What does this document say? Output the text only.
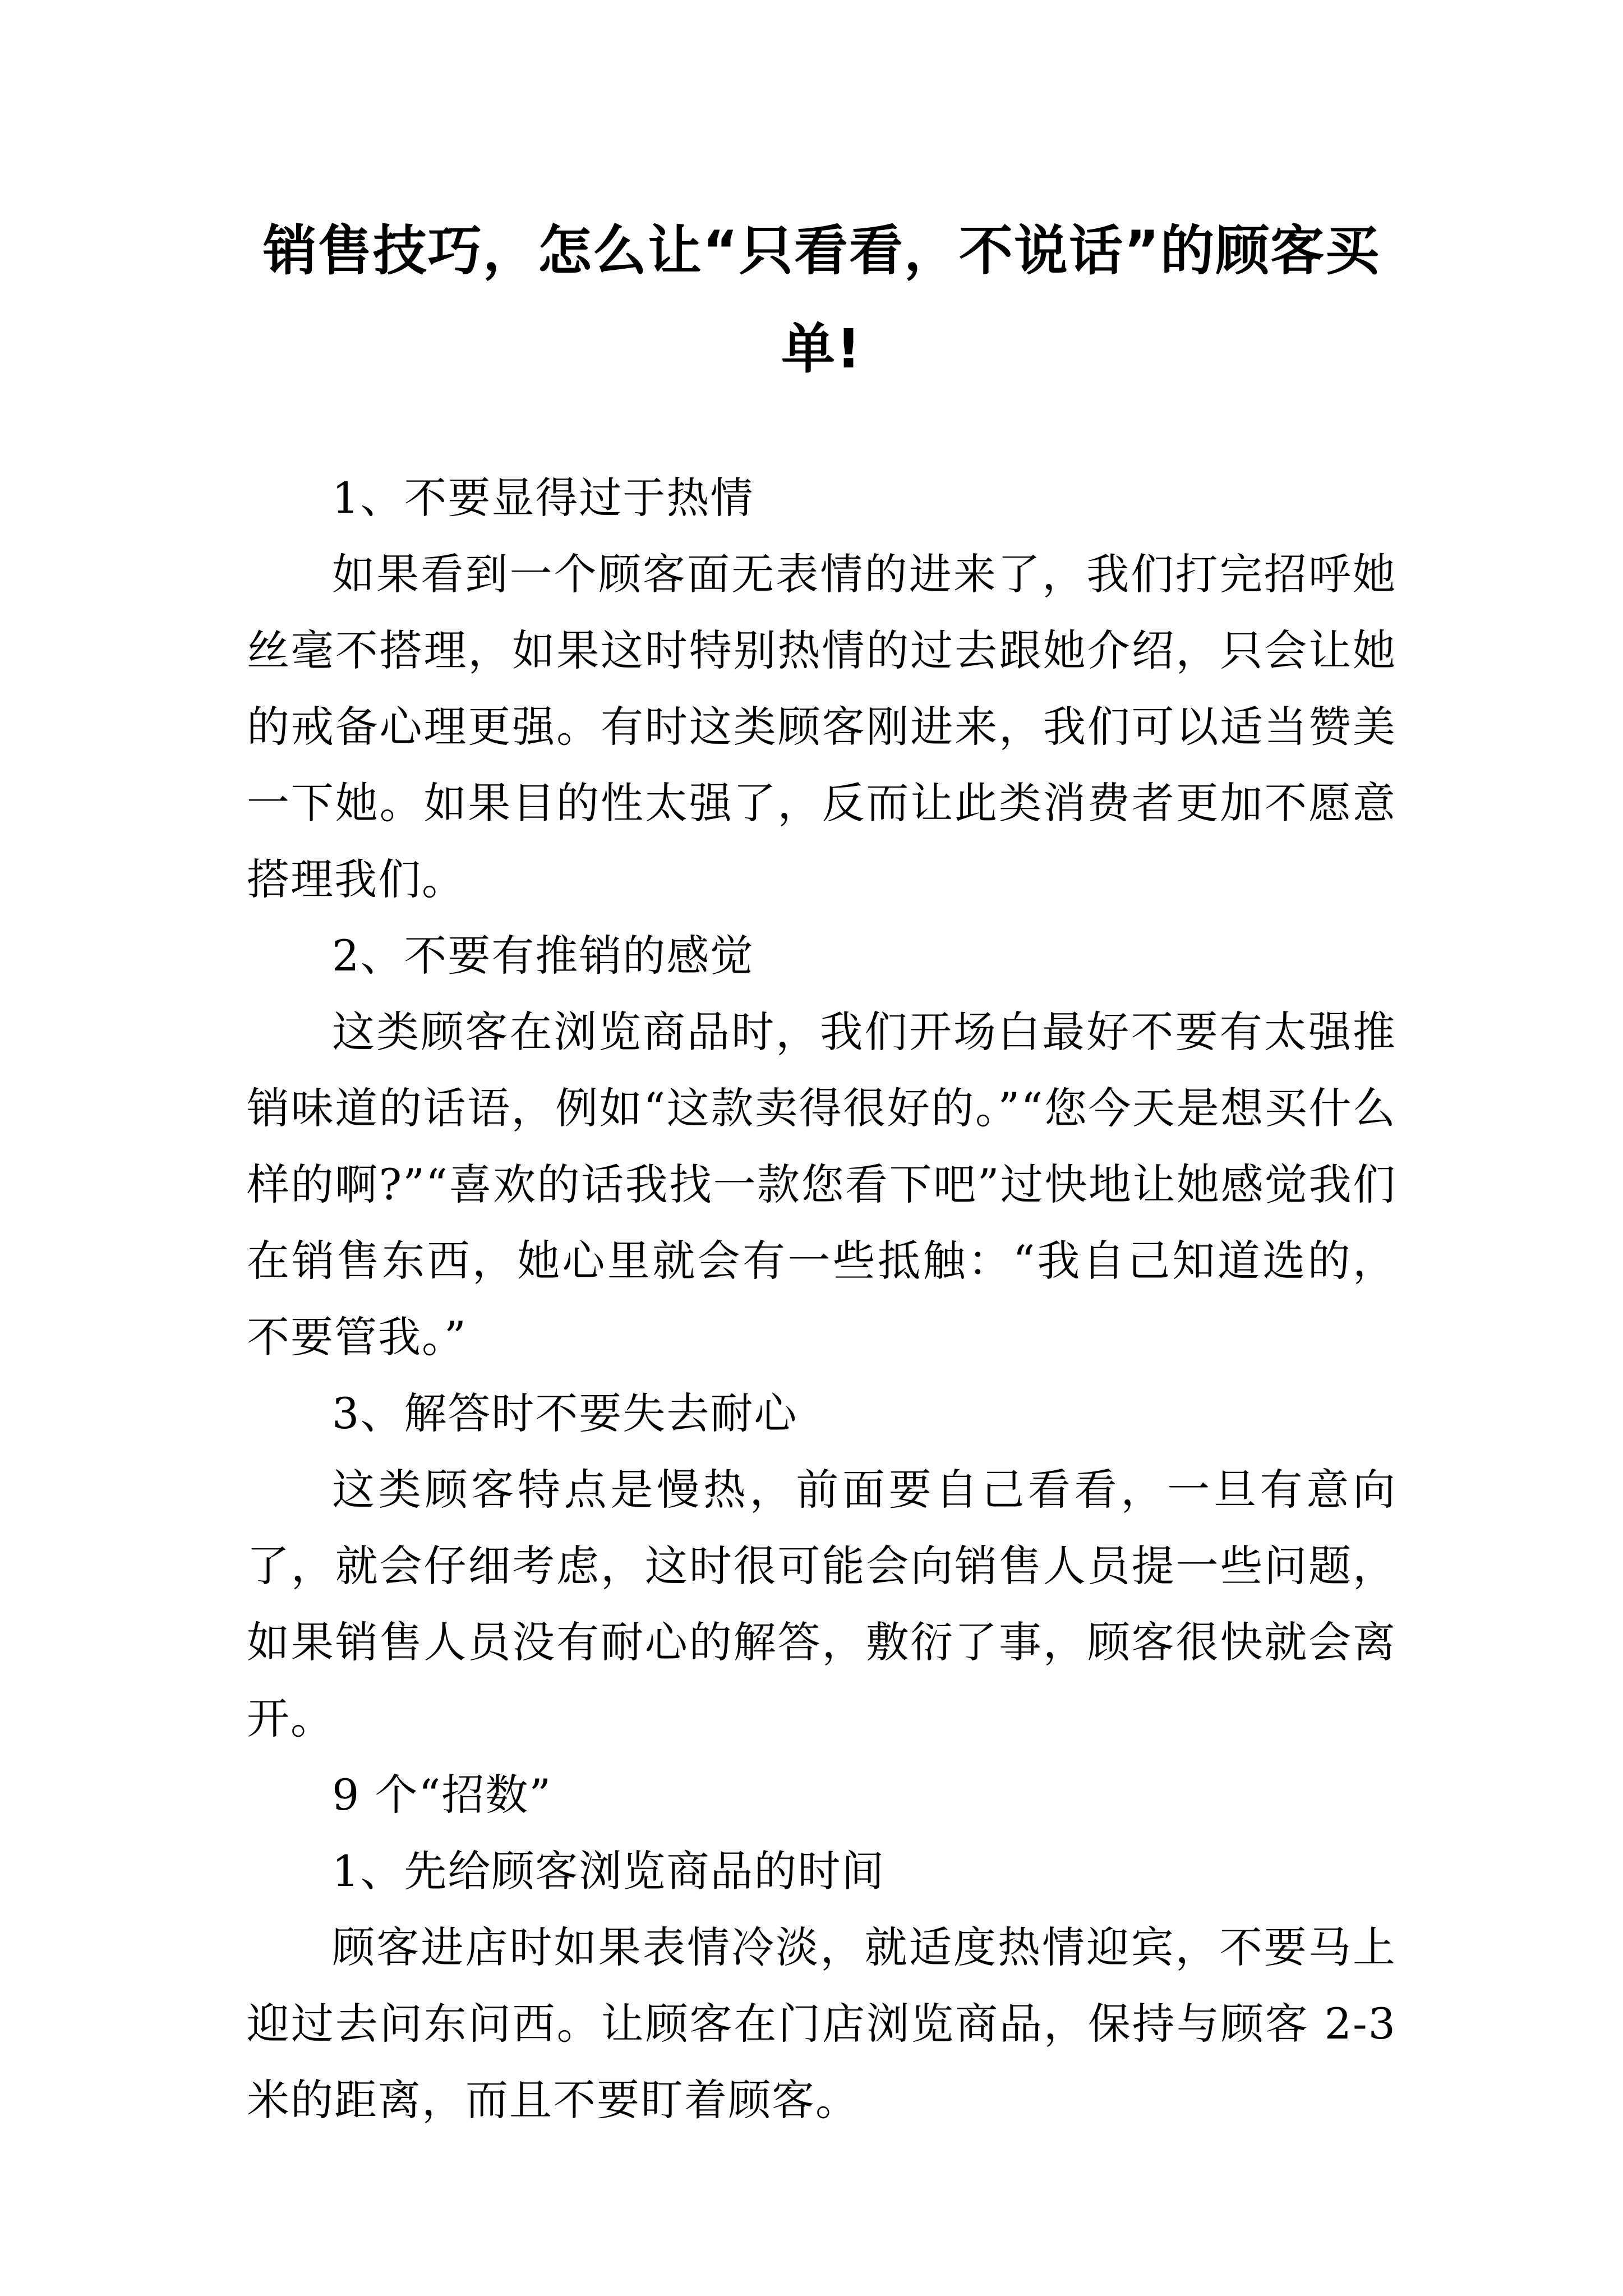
销售技巧，怎么让“只看看，不说话”的顾客买单!

1、不要显得过于热情

如果看到一个顾客面无表情的进来了，我们打完招呼她丝毫不搭理，如果这时特别热情的过去跟她介绍，只会让她的戒备心理更强。有时这类顾客刚进来，我们可以适当赞美一下她。如果目的性太强了，反而让此类消费者更加不愿意搭理我们。

2、不要有推销的感觉

这类顾客在浏览商品时，我们开场白最好不要有太强推销味道的话语，例如“这款卖得很好的。”“您今天是想买什么样的啊?”“喜欢的话我找一款您看下吧”过快地让她感觉我们在销售东西，她心里就会有一些抵触：“我自己知道选的，不要管我。”

3、解答时不要失去耐心

这类顾客特点是慢热，前面要自己看看，一旦有意向了，就会仔细考虑，这时很可能会向销售人员提一些问题，如果销售人员没有耐心的解答，敷衍了事，顾客很快就会离开。

9 个“招数”

1、先给顾客浏览商品的时间

顾客进店时如果表情冷淡，就适度热情迎宾，不要马上迎过去问东问西。让顾客在门店浏览商品，保持与顾客 2-3 米的距离，而且不要盯着顾客。
